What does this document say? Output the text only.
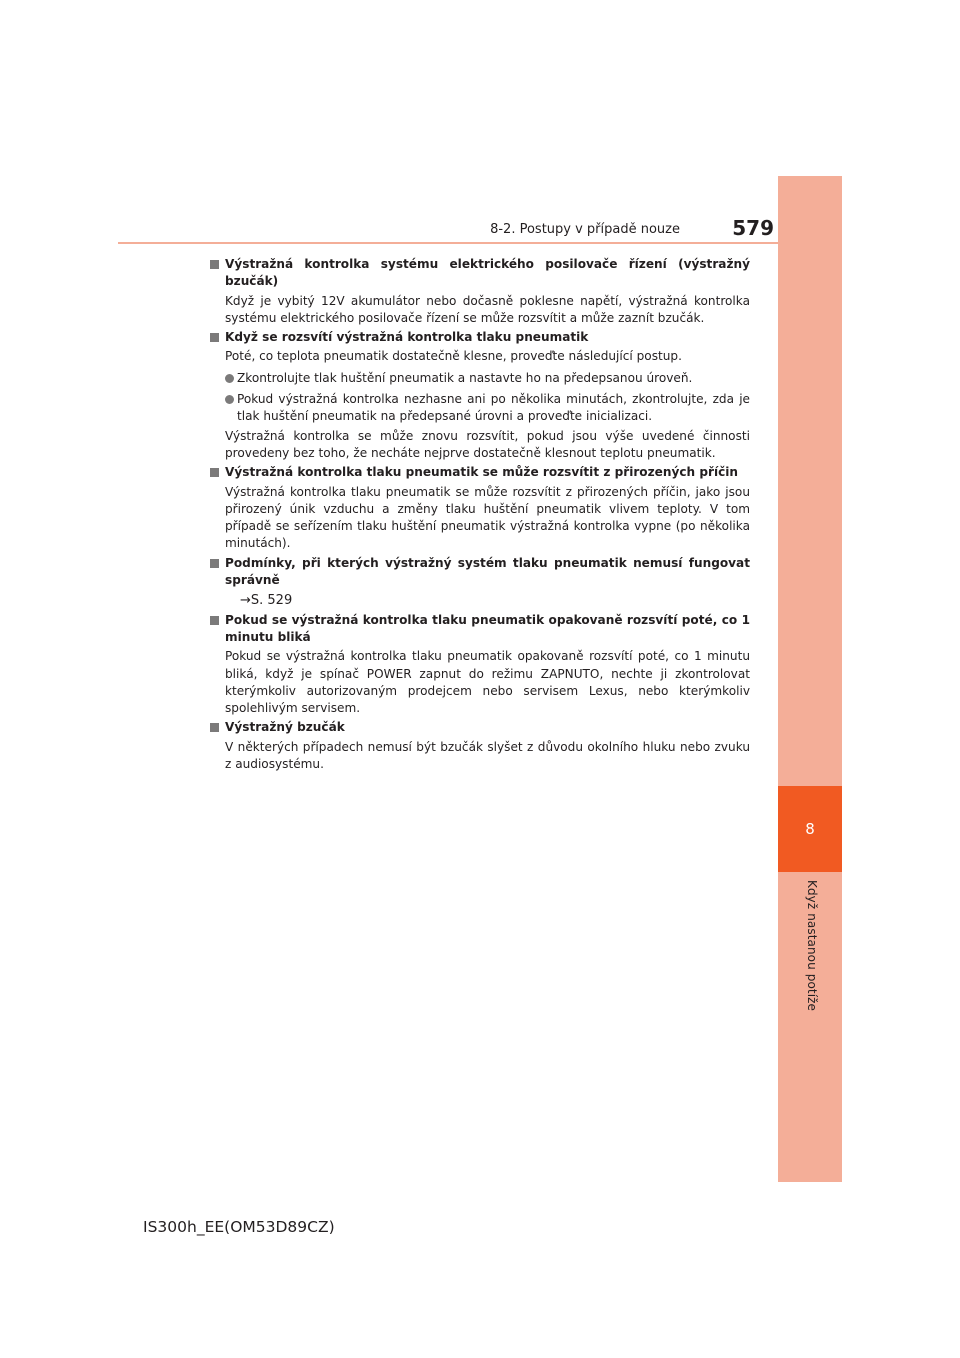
8
Když nastanou potíže
8-2. Postupy v případě nouze	579
Výstražná kontrolka systému elektrického posilovače řízení (výstražný bzučák)
Když je vybitý 12V akumulátor nebo dočasně poklesne napětí, výstražná kontrolka systému elektrického posilovače řízení se může rozsvítit a může zaznít bzučák.
Když se rozsvítí výstražná kontrolka tlaku pneumatik
Poté, co teplota pneumatik dostatečně klesne, proveďte následující postup.
Zkontrolujte tlak huštění pneumatik a nastavte ho na předepsanou úroveň.
Pokud výstražná kontrolka nezhasne ani po několika minutách, zkontrolujte, zda je tlak huštění pneumatik na předepsané úrovni a proveďte inicializaci.
Výstražná kontrolka se může znovu rozsvítit, pokud jsou výše uvedené činnosti provedeny bez toho, že necháte nejprve dostatečně klesnout teplotu pneumatik.
Výstražná kontrolka tlaku pneumatik se může rozsvítit z přirozených příčin
Výstražná kontrolka tlaku pneumatik se může rozsvítit z přirozených příčin, jako jsou přirozený únik vzduchu a změny tlaku huštění pneumatik vlivem teploty. V tom případě se seřízením tlaku huštění pneumatik výstražná kontrolka vypne (po několika minutách).
Podmínky, při kterých výstražný systém tlaku pneumatik nemusí fungovat správně
→S. 529
Pokud se výstražná kontrolka tlaku pneumatik opakovaně rozsvítí poté, co 1 minutu bliká
Pokud se výstražná kontrolka tlaku pneumatik opakovaně rozsvítí poté, co 1 minutu bliká, když je spínač POWER zapnut do režimu ZAPNUTO, nechte ji zkontrolovat kterýmkoliv autorizovaným prodejcem nebo servisem Lexus, nebo kterýmkoliv spolehlivým servisem.
Výstražný bzučák
V některých případech nemusí být bzučák slyšet z důvodu okolního hluku nebo zvuku z audiosystému.
IS300h_EE(OM53D89CZ)
